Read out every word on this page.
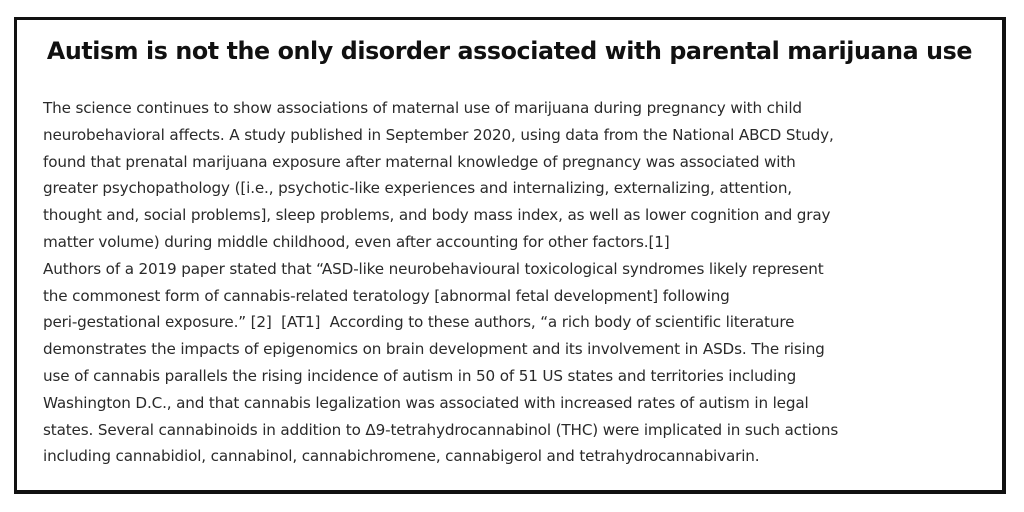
Autism is not the only disorder associated with parental marijuana use
The science continues to show associations of maternal use of marijuana during pregnancy with child
neurobehavioral affects. A study published in September 2020, using data from the National ABCD Study,
found that prenatal marijuana exposure after maternal knowledge of pregnancy was associated with
greater psychopathology ([i.e., psychotic-like experiences and internalizing, externalizing, attention,
thought and, social problems], sleep problems, and body mass index, as well as lower cognition and gray
matter volume) during middle childhood, even after accounting for other factors.[1]
Authors of a 2019 paper stated that “ASD-like neurobehavioural toxicological syndromes likely represent
the commonest form of cannabis-related teratology [abnormal fetal development] following
peri-gestational exposure.” [2]  [AT1]  According to these authors, “a rich body of scientific literature
demonstrates the impacts of epigenomics on brain development and its involvement in ASDs. The rising
use of cannabis parallels the rising incidence of autism in 50 of 51 US states and territories including
Washington D.C., and that cannabis legalization was associated with increased rates of autism in legal
states. Several cannabinoids in addition to Δ9-tetrahydrocannabinol (THC) were implicated in such actions
including cannabidiol, cannabinol, cannabichromene, cannabigerol and tetrahydrocannabivarin.
